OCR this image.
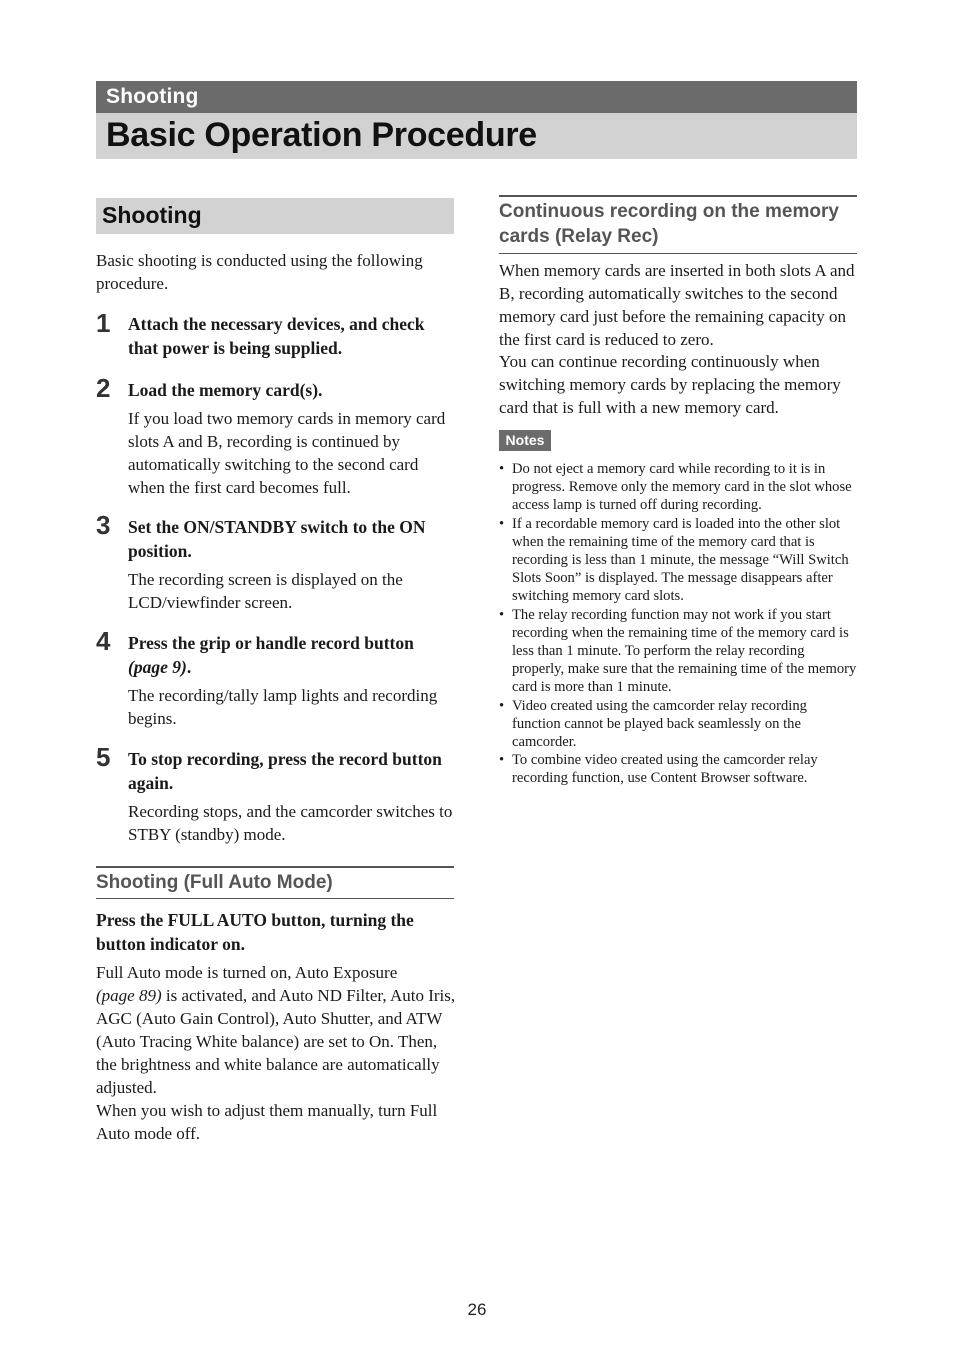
Shooting
Basic Operation Procedure
Shooting

Basic shooting is conducted using the following procedure.

1 Attach the necessary devices, and check that power is being supplied.

2 Load the memory card(s).

If you load two memory cards in memory card slots A and B, recording is continued by automatically switching to the second card when the first card becomes full.

3 Set the ON/STANDBY switch to the ON position.

The recording screen is displayed on the LCD/viewfinder screen.

4 Press the grip or handle record button
(page 9).

The recording/tally lamp lights and recording begins.

5 To stop recording, press the record button again.

Recording stops, and the camcorder switches to STBY (standby) mode.

Shooting (Full Auto Mode)

Press the FULL AUTO button, turning the button indicator on.

Full Auto mode is turned on, Auto Exposure
(page 89) is activated, and Auto ND Filter, Auto Iris, AGC (Auto Gain Control), Auto Shutter, and ATW (Auto Tracing White balance) are set to On. Then, the brightness and white balance are automatically adjusted.
When you wish to adjust them manually, turn Full Auto mode off.

Continuous recording on the memory cards (Relay Rec)

When memory cards are inserted in both slots A and B, recording automatically switches to the second memory card just before the remaining capacity on the first card is reduced to zero.

You can continue recording continuously when switching memory cards by replacing the memory card that is full with a new memory card.

Notes
• Do not eject a memory card while recording to it is in progress. Remove only the memory card in the slot whose access lamp is turned off during recording.
• If a recordable memory card is loaded into the other slot when the remaining time of the memory card that is recording is less than 1 minute, the message “Will Switch Slots Soon” is displayed. The message disappears after switching memory card slots.
• The relay recording function may not work if you start recording when the remaining time of the memory card is less than 1 minute. To perform the relay recording properly, make sure that the remaining time of the memory card is more than 1 minute.
• Video created using the camcorder relay recording function cannot be played back seamlessly on the camcorder.
• To combine video created using the camcorder relay recording function, use Content Browser software.
26
